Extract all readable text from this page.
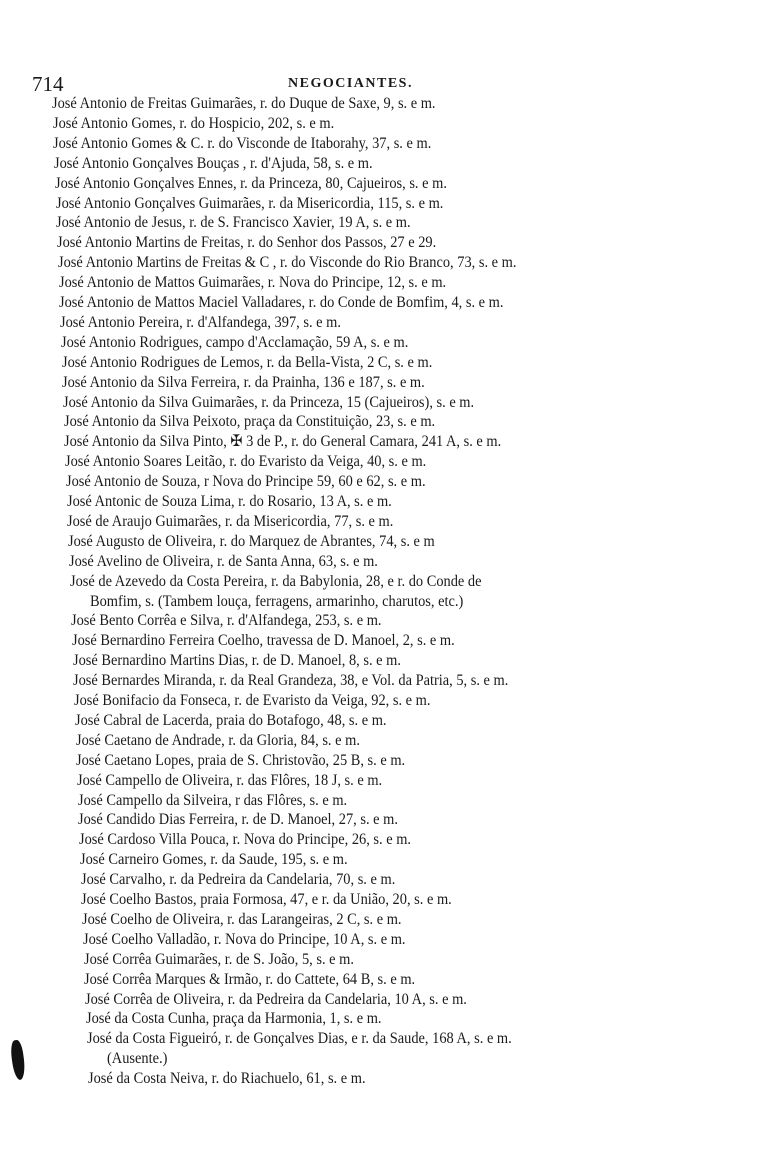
714	NEGOCIANTES.
José Antonio de Freitas Guimarães, r. do Duque de Saxe, 9, s. e m.
José Antonio Gomes, r. do Hospicio, 202, s. e m.
José Antonio Gomes & C. r. do Visconde de Itaborahy, 37, s. e m.
José Antonio Gonçalves Bouças , r. d'Ajuda, 58, s. e m.
José Antonio Gonçalves Ennes, r. da Princeza, 80, Cajueiros, s. e m.
José Antonio Gonçalves Guimarães, r. da Misericordia, 115, s. e m.
José Antonio de Jesus, r. de S. Francisco Xavier, 19 A, s. e m.
José Antonio Martins de Freitas, r. do Senhor dos Passos, 27 e 29.
José Antonio Martins de Freitas & C , r. do Visconde do Rio Branco, 73, s. e m.
José Antonio de Mattos Guimarães, r. Nova do Principe, 12, s. e m.
José Antonio de Mattos Maciel Valladares, r. do Conde de Bomfim, 4, s. e m.
José Antonio Pereira, r. d'Alfandega, 397, s. e m.
José Antonio Rodrigues, campo d'Acclamação, 59 A, s. e m.
José Antonio Rodrigues de Lemos, r. da Bella-Vista, 2 C, s. e m.
José Antonio da Silva Ferreira, r. da Prainha, 136 e 187, s. e m.
José Antonio da Silva Guimarães, r. da Princeza, 15 (Cajueiros), s. e m.
José Antonio da Silva Peixoto, praça da Constituição, 23, s. e m.
José Antonio da Silva Pinto, ✠ 3 de P., r. do General Camara, 241 A, s. e m.
José Antonio Soares Leitão, r. do Evaristo da Veiga, 40, s. e m.
José Antonio de Souza, r Nova do Principe 59, 60 e 62, s. e m.
José Antonic de Souza Lima, r. do Rosario, 13 A, s. e m.
José de Araujo Guimarães, r. da Misericordia, 77, s. e m.
José Augusto de Oliveira, r. do Marquez de Abrantes, 74, s. e m
José Avelino de Oliveira, r. de Santa Anna, 63, s. e m.
José de Azevedo da Costa Pereira, r. da Babylonia, 28, e r. do Conde de
Bomfim, s. (Tambem louça, ferragens, armarinho, charutos, etc.)
José Bento Corrêa e Silva, r. d'Alfandega, 253, s. e m.
José Bernardino Ferreira Coelho, travessa de D. Manoel, 2, s. e m.
José Bernardino Martins Dias, r. de D. Manoel, 8, s. e m.
José Bernardes Miranda, r. da Real Grandeza, 38, e Vol. da Patria, 5, s. e m.
José Bonifacio da Fonseca, r. de Evaristo da Veiga, 92, s. e m.
José Cabral de Lacerda, praia do Botafogo, 48, s. e m.
José Caetano de Andrade, r. da Gloria, 84, s. e m.
José Caetano Lopes, praia de S. Christovão, 25 B, s. e m.
José Campello de Oliveira, r. das Flôres, 18 J, s. e m.
José Campello da Silveira, r das Flôres, s. e m.
José Candido Dias Ferreira, r. de D. Manoel, 27, s. e m.
José Cardoso Villa Pouca, r. Nova do Principe, 26, s. e m.
José Carneiro Gomes, r. da Saude, 195, s. e m.
José Carvalho, r. da Pedreira da Candelaria, 70, s. e m.
José Coelho Bastos, praia Formosa, 47, e r. da União, 20, s. e m.
José Coelho de Oliveira, r. das Larangeiras, 2 C, s. e m.
José Coelho Valladão, r. Nova do Principe, 10 A, s. e m.
José Corrêa Guimarães, r. de S. João, 5, s. e m.
José Corrêa Marques & Irmão, r. do Cattete, 64 B, s. e m.
José Corrêa de Oliveira, r. da Pedreira da Candelaria, 10 A, s. e m.
José da Costa Cunha, praça da Harmonia, 1, s. e m.
José da Costa Figueiró, r. de Gonçalves Dias, e r. da Saude, 168 A, s. e m.
(Ausente.)
José da Costa Neiva, r. do Riachuelo, 61, s. e m.
